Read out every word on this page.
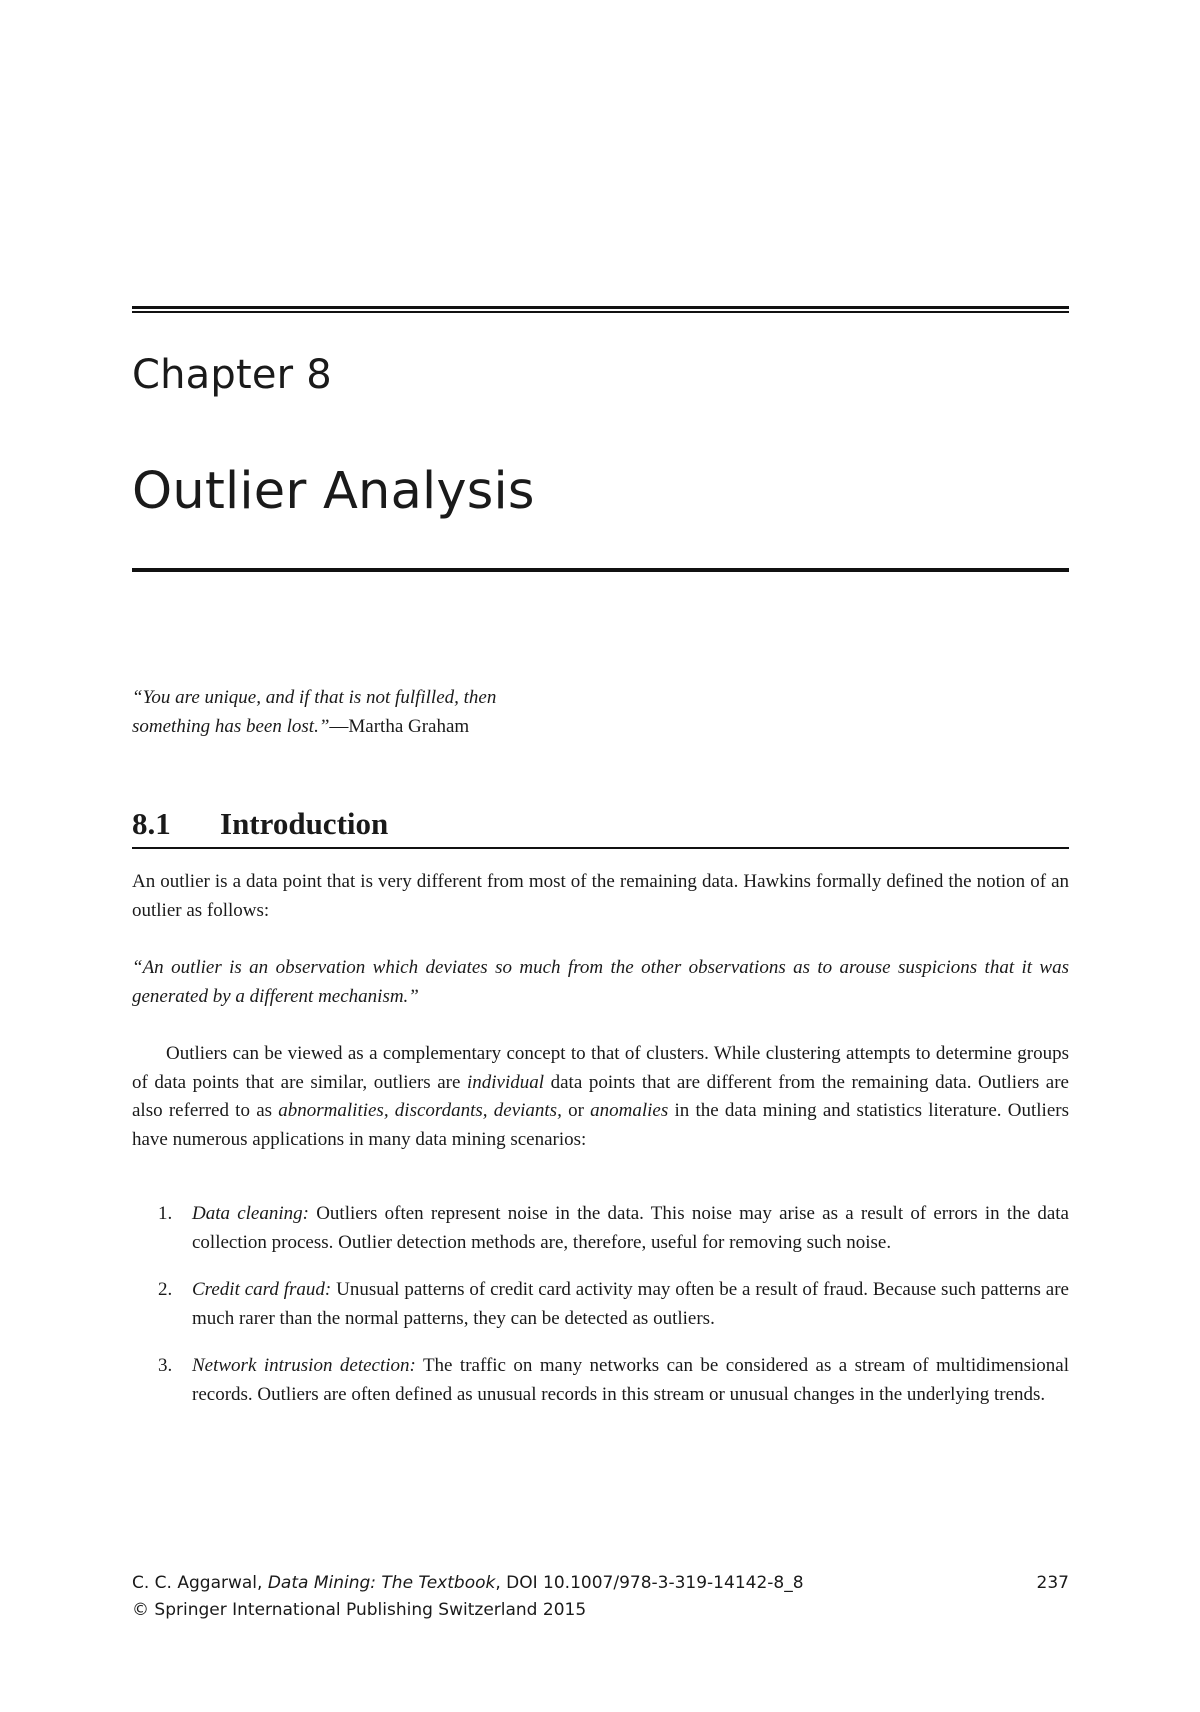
Chapter 8
Outlier Analysis
“You are unique, and if that is not fulfilled, then
something has been lost.”—Martha Graham
8.1 Introduction

An outlier is a data point that is very different from most of the remaining data. Hawkins formally defined the notion of an outlier as follows:

“An outlier is an observation which deviates so much from the other observations as to arouse suspicions that it was generated by a different mechanism.”

Outliers can be viewed as a complementary concept to that of clusters. While clustering attempts to determine groups of data points that are similar, outliers are individual data points that are different from the remaining data. Outliers are also referred to as abnormalities, discordants, deviants, or anomalies in the data mining and statistics literature. Outliers have numerous applications in many data mining scenarios:

1. Data cleaning: Outliers often represent noise in the data. This noise may arise as a result of errors in the data collection process. Outlier detection methods are, therefore, useful for removing such noise.
2. Credit card fraud: Unusual patterns of credit card activity may often be a result of fraud. Because such patterns are much rarer than the normal patterns, they can be detected as outliers.
3. Network intrusion detection: The traffic on many networks can be considered as a stream of multidimensional records. Outliers are often defined as unusual records in this stream or unusual changes in the underlying trends.
C. C. Aggarwal, Data Mining: The Textbook, DOI 10.1007/978-3-319-14142-8_8
© Springer International Publishing Switzerland 2015
237
